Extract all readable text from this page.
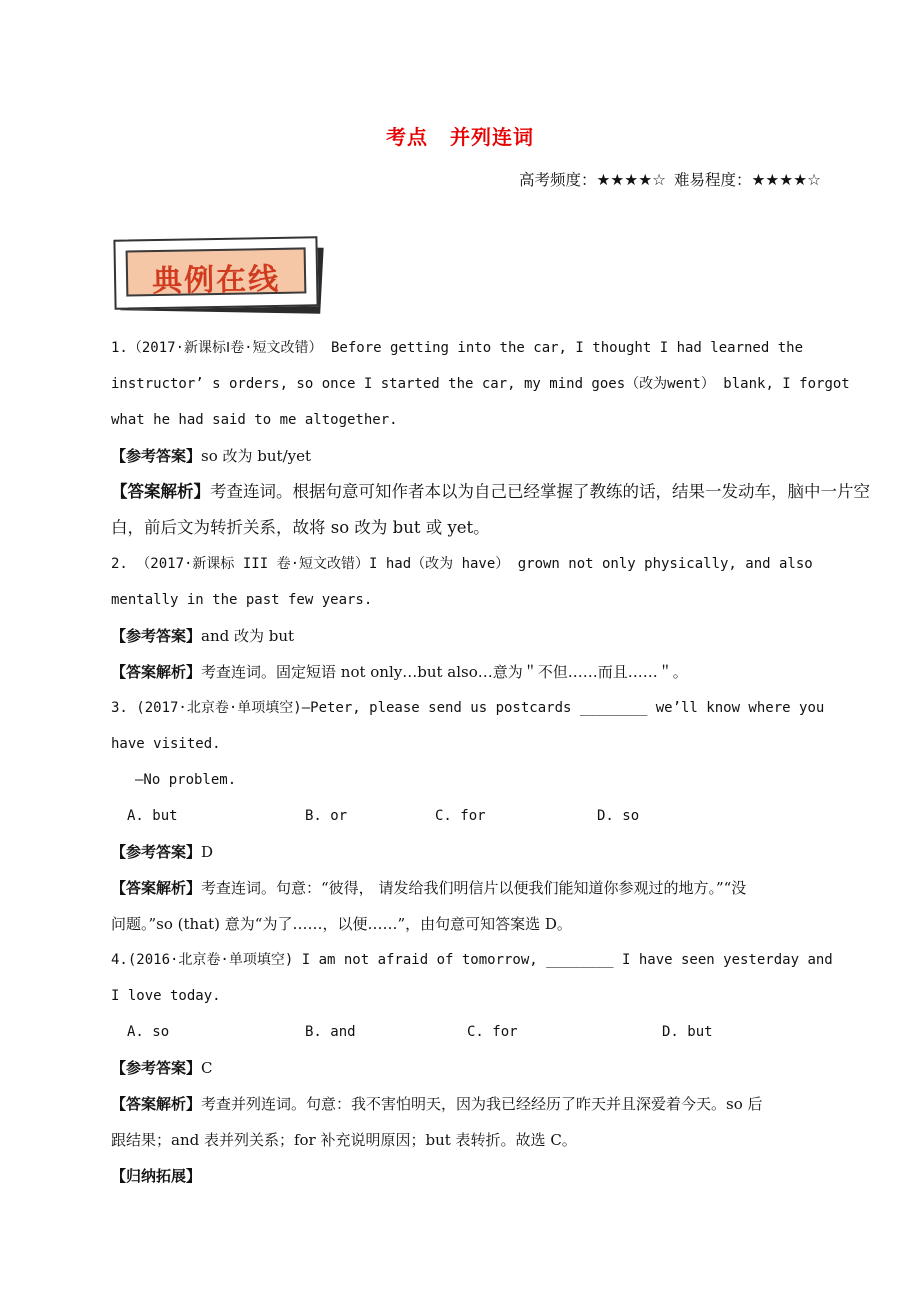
考点 并列连词
高考频度：★★★★☆ 难易程度：★★★★☆
典例在线
1.（2017·新课标Ⅰ卷·短文改错） Before getting into the car, I thought I had learned the
instructor’ s orders, so once I started the car, my mind goes（改为went） blank, I forgot
what he had said to me altogether.
【参考答案】so 改为 but/yet
【答案解析】考查连词。根据句意可知作者本以为自己已经掌握了教练的话，结果一发动车，脑中一片空
白，前后文为转折关系，故将 so 改为 but 或 yet。
2. （2017·新课标 III 卷·短文改错）I had（改为 have） grown not only physically, and also
mentally in the past few years.
【参考答案】and 改为 but
【答案解析】考查连词。固定短语 not only…but also…意为＂不但……而且……＂。
3. (2017·北京卷·单项填空)—Peter, please send us postcards ________ we’ll know where you
have visited.
—No problem.
A. but	B. or	C. for	D. so
【参考答案】D
【答案解析】考查连词。句意：“彼得， 请发给我们明信片以便我们能知道你参观过的地方。”“没
问题。”so (that) 意为“为了……，以便……”，由句意可知答案选 D。
4.(2016·北京卷·单项填空) I am not afraid of tomorrow, ________ I have seen yesterday and
I love today.
A. so	B. and	C. for	D. but
【参考答案】C
【答案解析】考查并列连词。句意：我不害怕明天，因为我已经经历了昨天并且深爱着今天。so 后
跟结果；and 表并列关系；for 补充说明原因；but 表转折。故选 C。
【归纳拓展】
